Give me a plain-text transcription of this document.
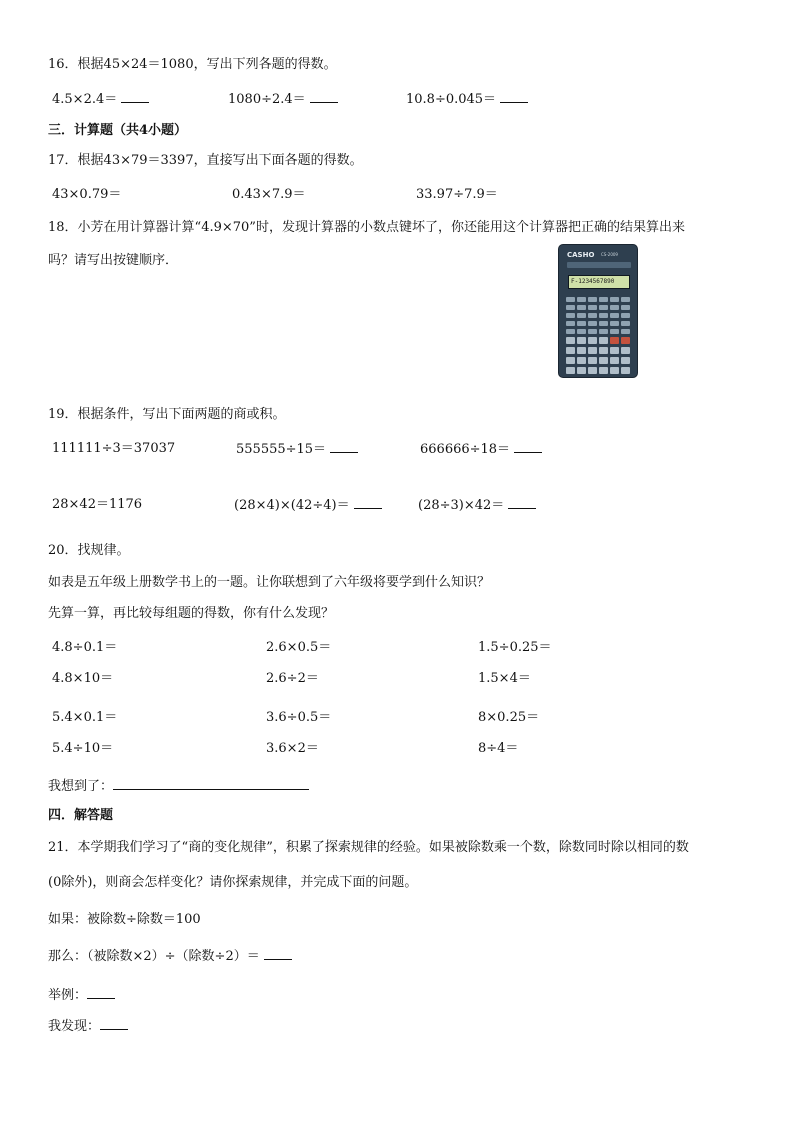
16．根据45×24＝1080，写出下列各题的得数。
4.5×2.4＝	1080÷2.4＝	10.8÷0.045＝
三．计算题（共4小题）
17．根据43×79＝3397，直接写出下面各题的得数。
43×0.79＝	0.43×7.9＝	33.97÷7.9＝
18．小芳在用计算器计算“4.9×70”时，发现计算器的小数点键坏了，你还能用这个计算器把正确的结果算出来
吗？请写出按键顺序．	CASHO CS-2009
F-1234567890
19．根据条件，写出下面两题的商或积。
111111÷3＝37037	555555÷15＝	666666÷18＝
28×42＝1176	(28×4)×(42÷4)＝	(28÷3)×42＝
20．找规律。
如表是五年级上册数学书上的一题。让你联想到了六年级将要学到什么知识？
先算一算，再比较每组题的得数，你有什么发现？
4.8÷0.1＝	2.6×0.5＝	1.5÷0.25＝
4.8×10＝	2.6÷2＝	1.5×4＝
5.4×0.1＝	3.6÷0.5＝	8×0.25＝
5.4÷10＝	3.6×2＝	8÷4＝
我想到了：
四．解答题
21．本学期我们学习了“商的变化规律”，积累了探索规律的经验。如果被除数乘一个数，除数同时除以相同的数
(0除外)，则商会怎样变化？请你探索规律，并完成下面的问题。
如果：被除数÷除数＝100
那么：（被除数×2）÷（除数÷2）＝
举例：
我发现：
